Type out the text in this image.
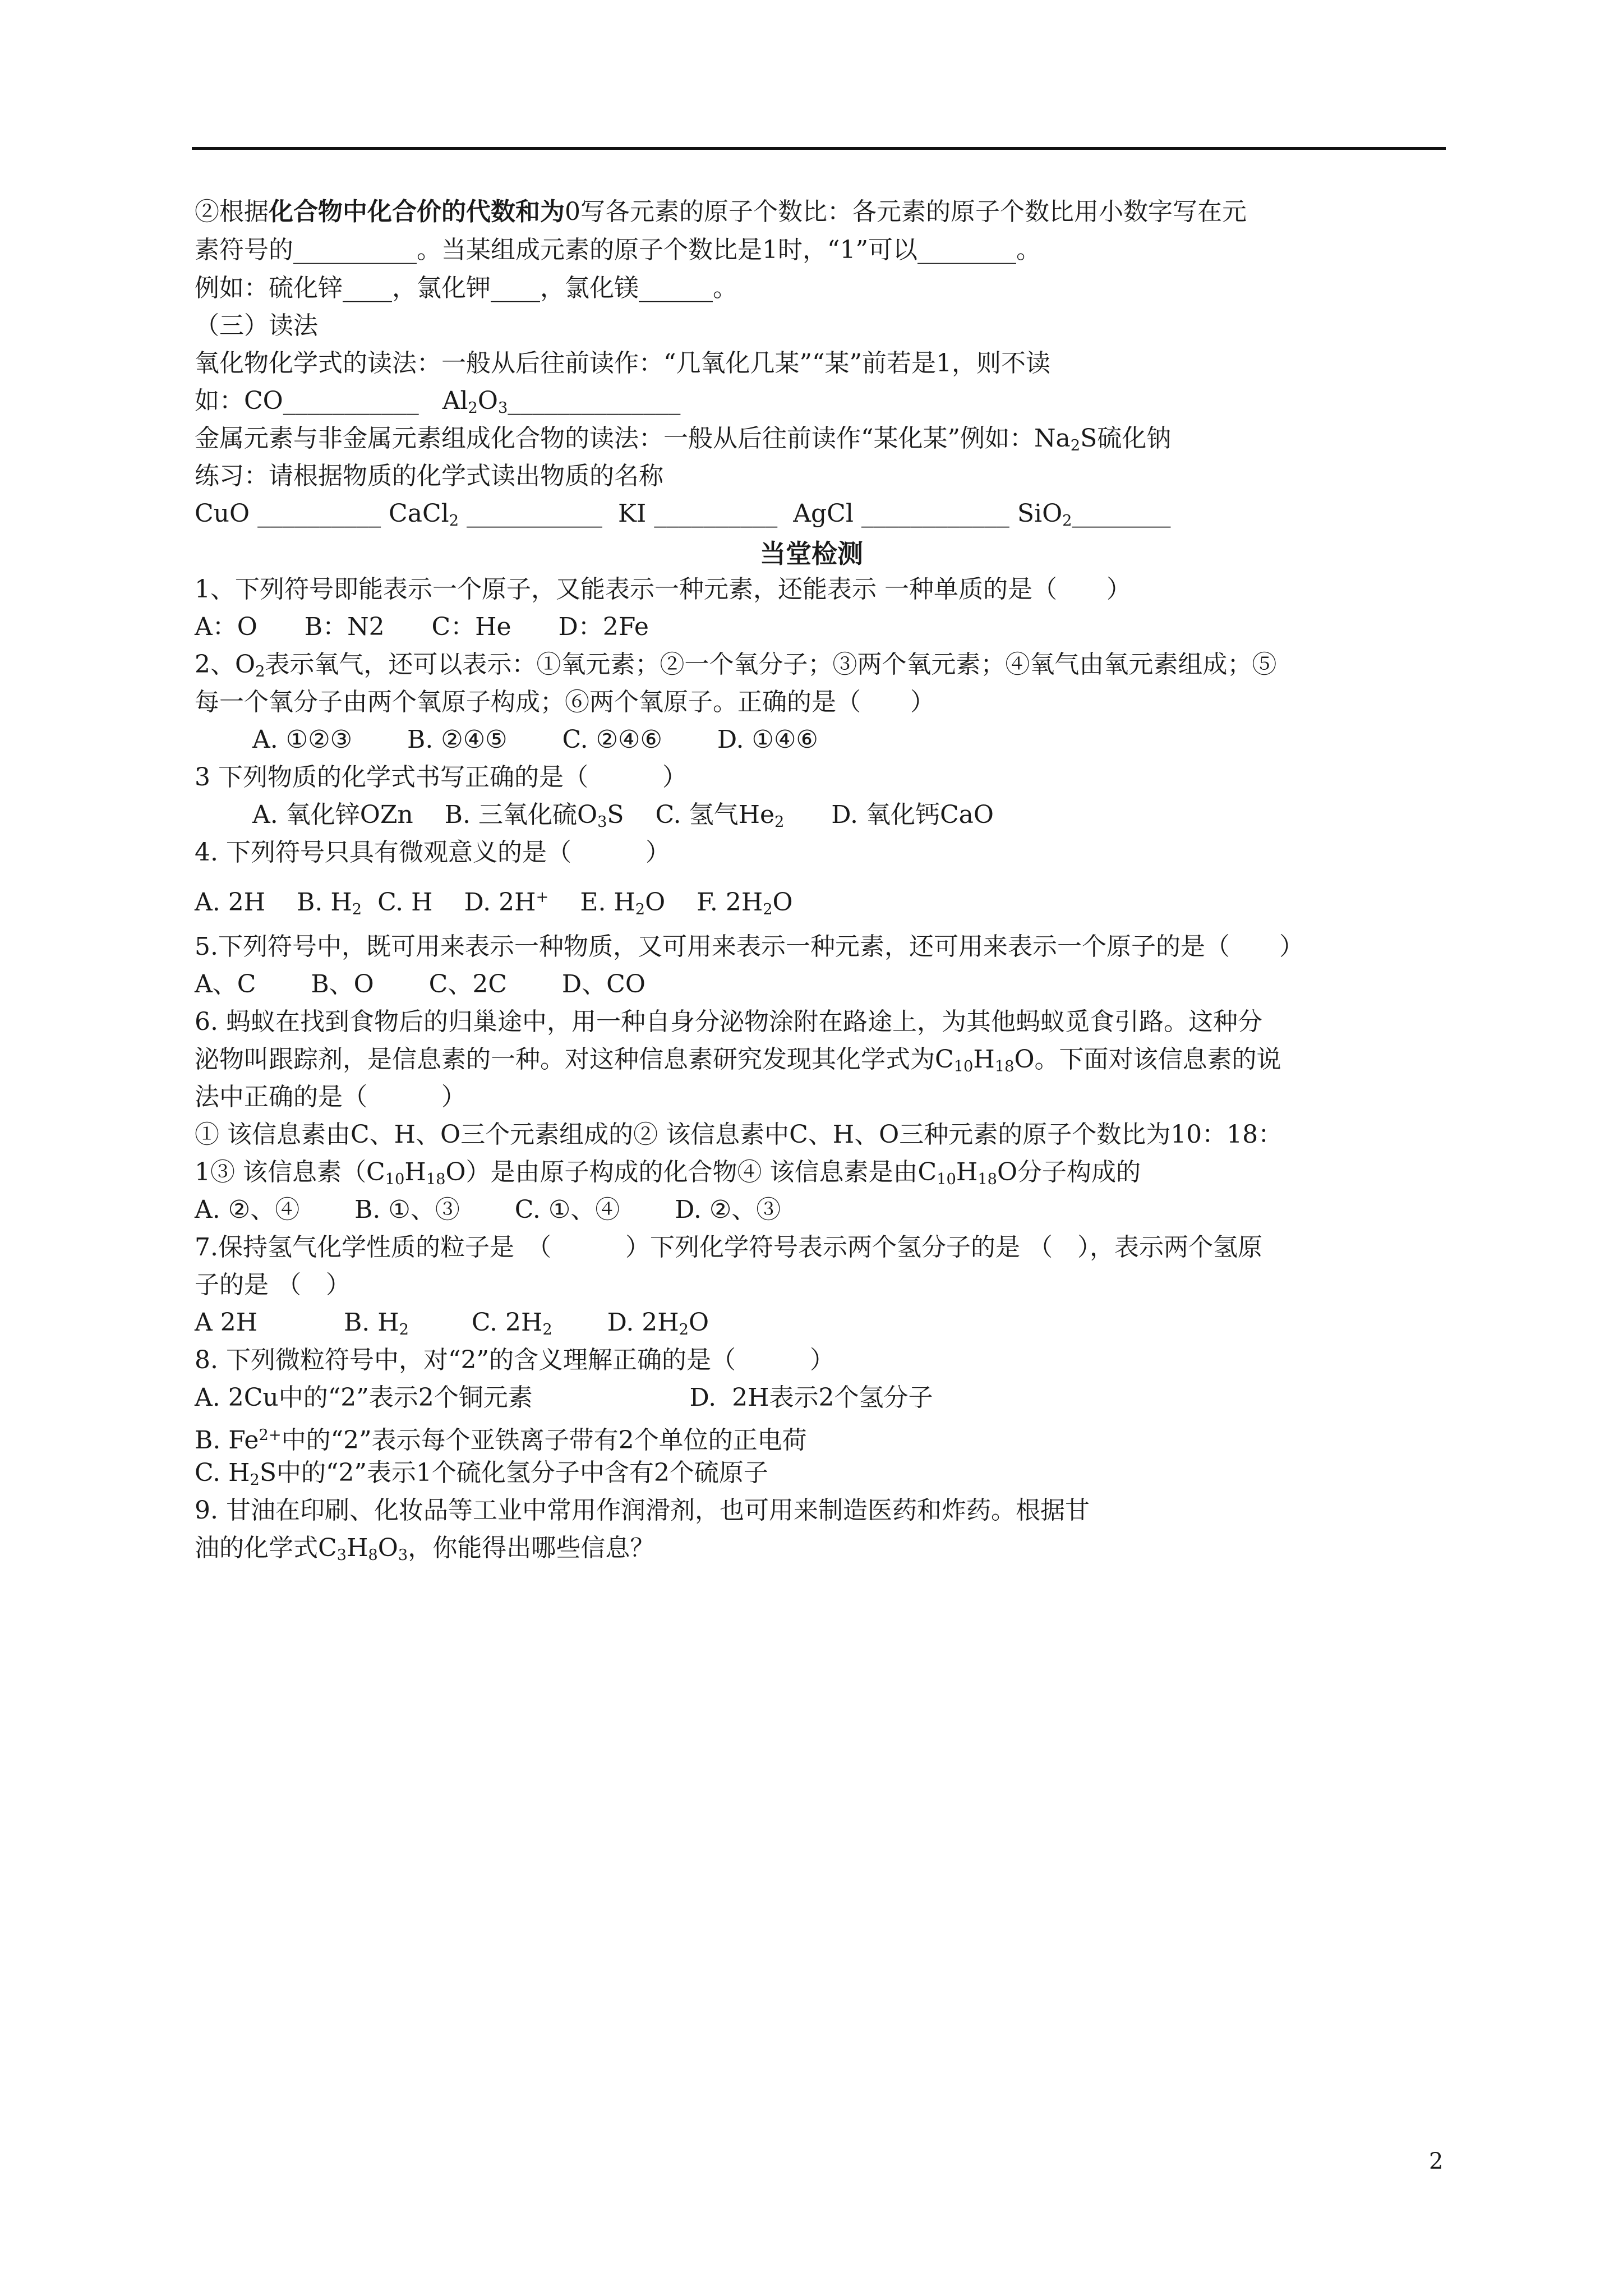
②根据化合物中化合价的代数和为0写各元素的原子个数比：各元素的原子个数比用小数字写在元
素符号的__________。当某组成元素的原子个数比是1时，“1”可以________。
例如：硫化锌____，氯化钾____，氯化镁______。
（三）读法
氧化物化学式的读法：一般从后往前读作：“几氧化几某”“某”前若是1，则不读
如：CO___________   $Al_2O_3\_\_\_\_\_\_\_\_\_\_\_\_\_\_$
金属元素与非金属元素组成化合物的读法：一般从后往前读作“某化某”例如：$Na_2S$硫化钠
练习：请根据物质的化学式读出物质的名称
CuO __________ CaCl$_2$ ___________  KI __________  AgCl ____________ SiO$_2$________
当堂检测
1、下列符号即能表示一个原子，又能表示一种元素，还能表示 一种单质的是（　　）
A：O      B：N2      C：He      D：2Fe
2、$O_2$表示氧气，还可以表示：①氧元素；②一个氧分子；③两个氧元素；④氧气由氧元素组成；⑤
每一个氧分子由两个氧原子构成；⑥两个氧原子。正确的是（　　）
A. ①②③       B. ②④⑤       C. ②④⑥       D. ①④⑥
3 下列物质的化学式书写正确的是（　　　）
A. 氧化锌OZn    B. 三氧化硫$O_3S$    C. 氢气$He_2$      D. 氧化钙CaO
4. 下列符号只具有微观意义的是（　　　）
A. 2H    B. $H_2$  C. H    D. 2H+    E. $H_2O$    F. $2H_2O$
5.下列符号中，既可用来表示一种物质，又可用来表示一种元素，还可用来表示一个原子的是（　　）
A、C       B、O       C、2C       D、CO
6. 蚂蚁在找到食物后的归巢途中，用一种自身分泌物涂附在路途上，为其他蚂蚁觅食引路。这种分
泌物叫跟踪剂，是信息素的一种。对这种信息素研究发现其化学式为$C_{10}H_{18}O$。下面对该信息素的说
法中正确的是（　　　）
① 该信息素由C、H、O三个元素组成的② 该信息素中C、H、O三种元素的原子个数比为10：18：
1③ 该信息素$(C_{10}H_{18}O)$是由原子构成的化合物④ 该信息素是由$C_{10}H_{18}O$分子构成的
A. ②、④       B. ①、③       C. ①、④       D. ②、③
7.保持氢气化学性质的粒子是　（　　　）下列化学符号表示两个氢分子的是 （　），表示两个氢原
子的是 （　）
A 2H           B. $H_2$        C. $2H_2$       D. $2H_2O$
8. 下列微粒符号中，对“2”的含义理解正确的是（　　　）
A. 2Cu中的“2”表示2个铜元素                    D.  2H表示2个氢分子
B. $Fe^{2+}$中的“2”表示每个亚铁离子带有2个单位的正电荷
C. $H_2S$中的“2”表示1个硫化氢分子中含有2个硫原子
9. 甘油在印刷、化妆品等工业中常用作润滑剂，也可用来制造医药和炸药。根据甘
油的化学式$C_3H_8O_3$，你能得出哪些信息？
2
